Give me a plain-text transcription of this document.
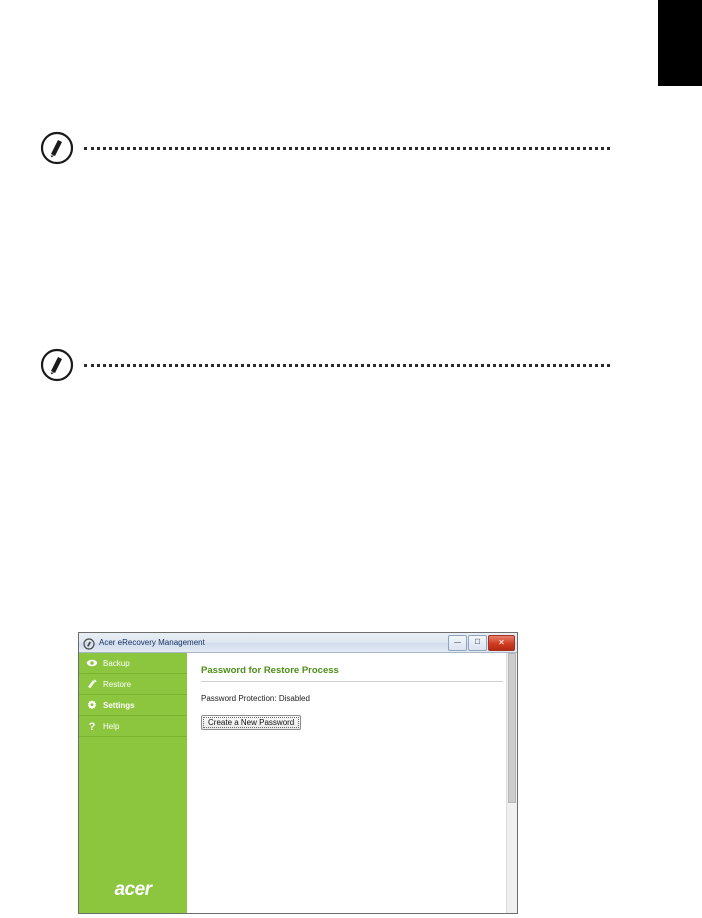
Acer eRecovery Management	—	☐	✕
Backup
Restore
Settings
? Help
acer
Password for Restore Process
Password Protection: Disabled
Create a New Password
